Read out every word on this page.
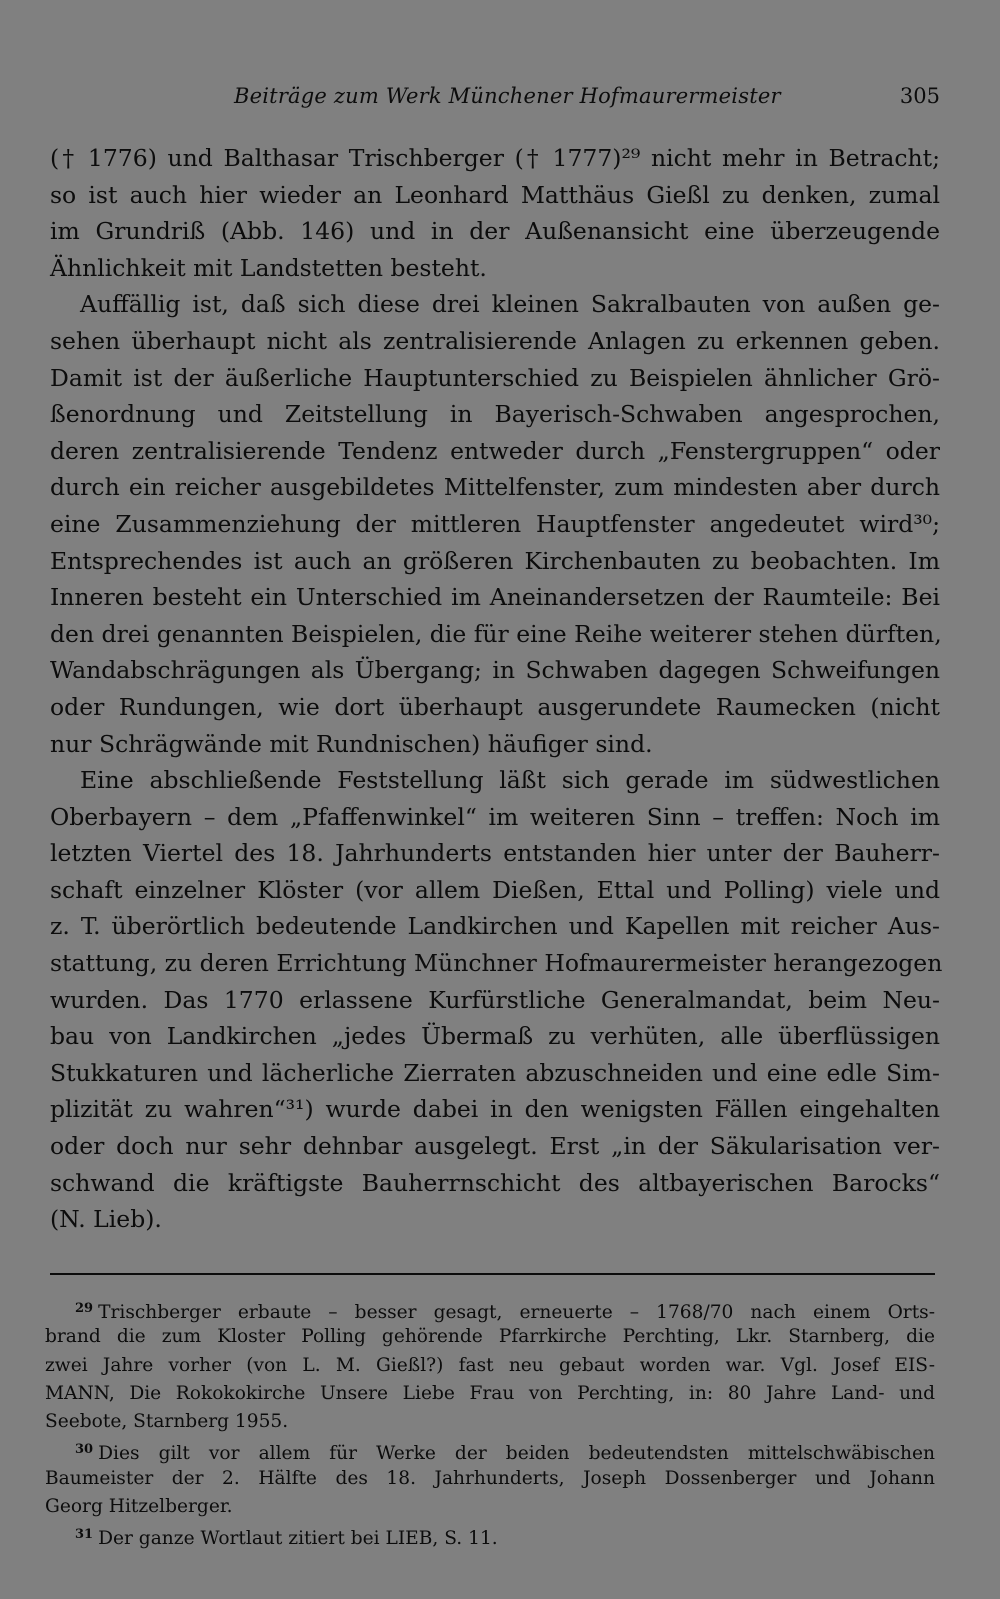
Beiträge zum Werk Münchener Hofmaurermeister	305
(† 1776) und Balthasar Trischberger († 1777)²⁹ nicht mehr in Betracht;
so ist auch hier wieder an Leonhard Matthäus Gießl zu denken, zumal
im Grundriß (Abb. 146) und in der Außenansicht eine überzeugende
Ähnlichkeit mit Landstetten besteht.
Auffällig ist, daß sich diese drei kleinen Sakralbauten von außen ge-
sehen überhaupt nicht als zentralisierende Anlagen zu erkennen geben.
Damit ist der äußerliche Hauptunterschied zu Beispielen ähnlicher Grö-
ßenordnung und Zeitstellung in Bayerisch-Schwaben angesprochen,
deren zentralisierende Tendenz entweder durch „Fenstergruppen“ oder
durch ein reicher ausgebildetes Mittelfenster, zum mindesten aber durch
eine Zusammenziehung der mittleren Hauptfenster angedeutet wird³⁰;
Entsprechendes ist auch an größeren Kirchenbauten zu beobachten. Im
Inneren besteht ein Unterschied im Aneinandersetzen der Raumteile: Bei
den drei genannten Beispielen, die für eine Reihe weiterer stehen dürften,
Wandabschrägungen als Übergang; in Schwaben dagegen Schweifungen
oder Rundungen, wie dort überhaupt ausgerundete Raumecken (nicht
nur Schrägwände mit Rundnischen) häufiger sind.
Eine abschließende Feststellung läßt sich gerade im südwestlichen
Oberbayern – dem „Pfaffenwinkel“ im weiteren Sinn – treffen: Noch im
letzten Viertel des 18. Jahrhunderts entstanden hier unter der Bauherr-
schaft einzelner Klöster (vor allem Dießen, Ettal und Polling) viele und
z. T. überörtlich bedeutende Landkirchen und Kapellen mit reicher Aus-
stattung, zu deren Errichtung Münchner Hofmaurermeister herangezogen
wurden. Das 1770 erlassene Kurfürstliche Generalmandat, beim Neu-
bau von Landkirchen „jedes Übermaß zu verhüten, alle überflüssigen
Stukkaturen und lächerliche Zierraten abzuschneiden und eine edle Sim-
plizität zu wahren“³¹) wurde dabei in den wenigsten Fällen eingehalten
oder doch nur sehr dehnbar ausgelegt. Erst „in der Säkularisation ver-
schwand die kräftigste Bauherrnschicht des altbayerischen Barocks“
(N. Lieb).
$^{29}$ Trischberger erbaute – besser gesagt, erneuerte – 1768/70 nach einem Orts-
brand die zum Kloster Polling gehörende Pfarrkirche Perchting, Lkr. Starnberg, die
zwei Jahre vorher (von L. M. Gießl?) fast neu gebaut worden war. Vgl. Josef EIS-
MANN, Die Rokokokirche Unsere Liebe Frau von Perchting, in: 80 Jahre Land- und
Seebote, Starnberg 1955.
$^{30}$ Dies gilt vor allem für Werke der beiden bedeutendsten mittelschwäbischen
Baumeister der 2. Hälfte des 18. Jahrhunderts, Joseph Dossenberger und Johann
Georg Hitzelberger.
$^{31}$ Der ganze Wortlaut zitiert bei LIEB, S. 11.
